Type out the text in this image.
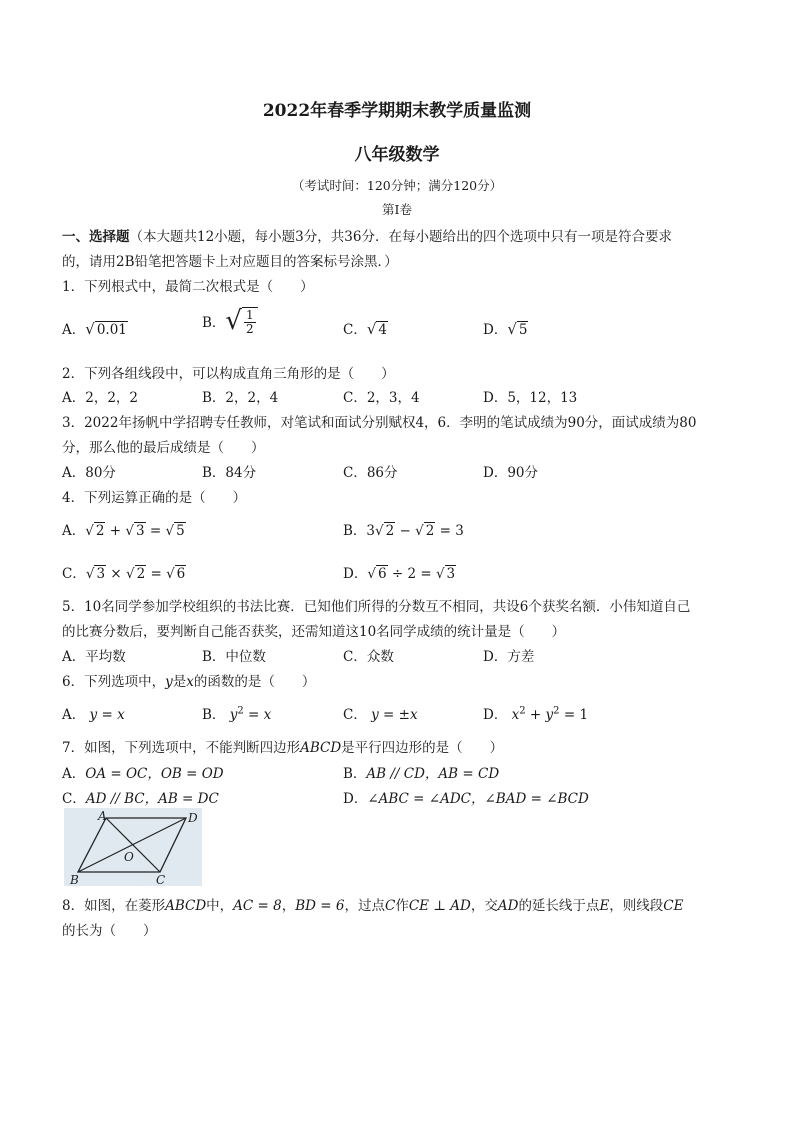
2022年春季学期期末教学质量监测
八年级数学
（考试时间：120分钟；满分120分）
第Ⅰ卷
一、选择题（本大题共12小题，每小题3分，共36分．在每小题给出的四个选项中只有一项是符合要求
的，请用2B铅笔把答题卡上对应题目的答案标号涂黑．）
1．下列根式中，最简二次根式是（　　）
A．√ 0.01	B．√ $\frac{1}{2}$	C．√ 4	D．√ 5
2．下列各组线段中，可以构成直角三角形的是（　　）
A．2，2，2	B．2，2，4	C．2，3，4	D．5，12，13
3．2022年扬帆中学招聘专任教师，对笔试和面试分别赋权4，6．李明的笔试成绩为90分，面试成绩为80
分，那么他的最后成绩是（　　）
A．80分	B．84分	C．86分	D．90分
4．下列运算正确的是（　　）
A．√ 2 + √ 3 = √ 5	B．3√ 2 − √ 2 = 3
C．√ 3 × √ 2 = √ 6	D．√ 6 ÷ 2 = √ 3
5．10名同学参加学校组织的书法比赛．已知他们所得的分数互不相同，共设6个获奖名额．小伟知道自己
的比赛分数后，要判断自己能否获奖，还需知道这10名同学成绩的统计量是（　　）
A．平均数	B．中位数	C．众数	D．方差
6．下列选项中，y是x的函数的是（　　）
A． y = x	B． $y^2 = x$	C． y = ±x	D． $x^2 + y^2 = 1$
7．如图，下列选项中，不能判断四边形ABCD是平行四边形的是（　　）
A．OA = OC，OB = OD	B．AB // CD，AB = CD
C．AD // BC，AB = DC	D．∠ABC = ∠ADC，∠BAD = ∠BCD
A	D
B	C
O
8．如图，在菱形ABCD中，AC = 8，BD = 6，过点C作CE ⊥ AD，交AD的延长线于点E，则线段CE
的长为（　　）
